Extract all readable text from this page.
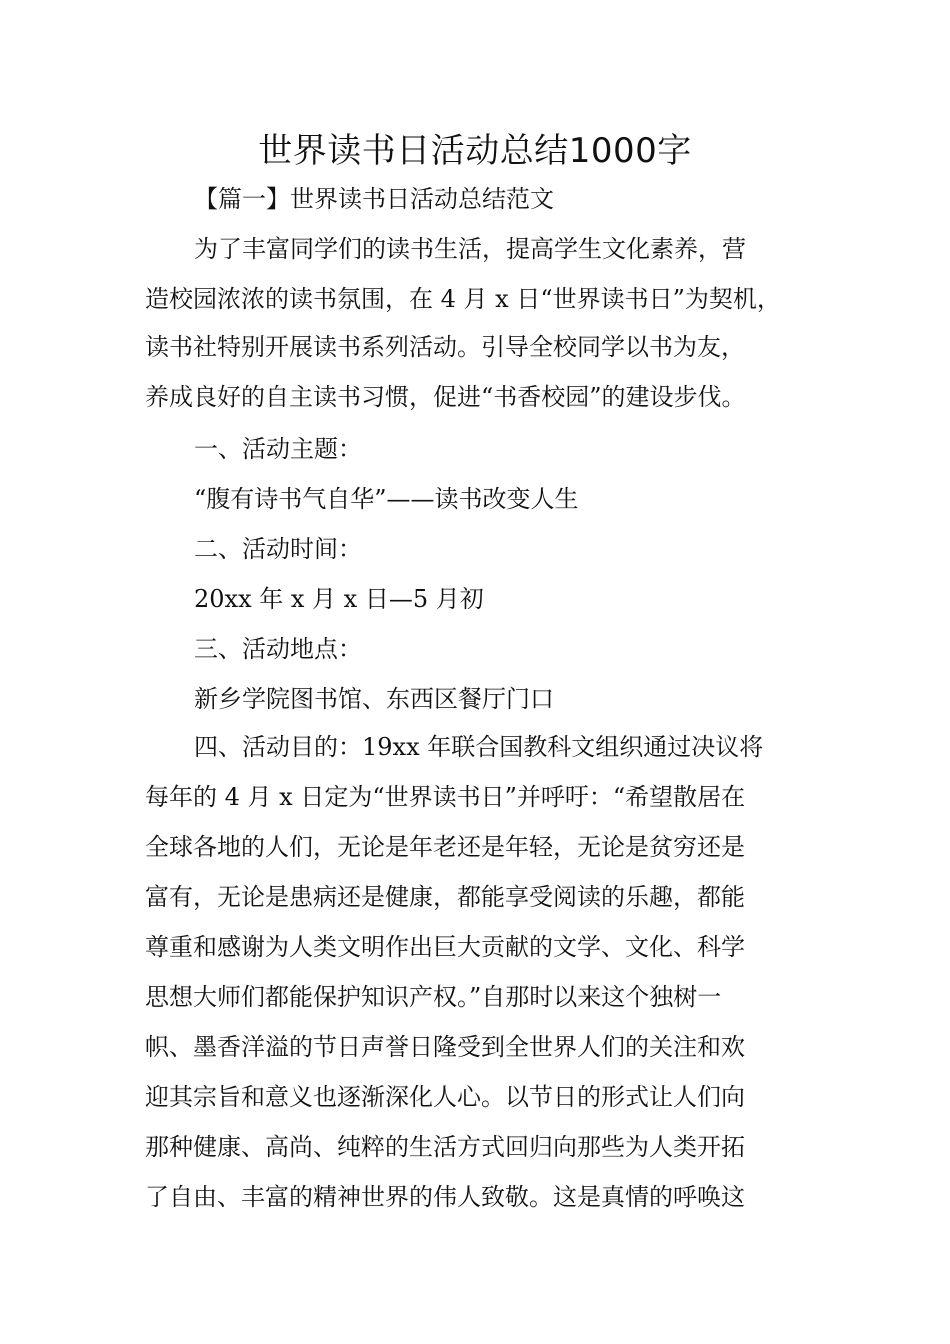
世界读书日活动总结1000字

【篇一】世界读书日活动总结范文

为了丰富同学们的读书生活，提高学生文化素养，营

造校园浓浓的读书氛围，在 4 月 x 日“世界读书日”为契机，

读书社特别开展读书系列活动。引导全校同学以书为友，

养成良好的自主读书习惯，促进“书香校园”的建设步伐。

一、活动主题：

“腹有诗书气自华”——读书改变人生

二、活动时间：

20xx 年 x 月 x 日—5 月初

三、活动地点：

新乡学院图书馆、东西区餐厅门口

四、活动目的：19xx 年联合国教科文组织通过决议将

每年的 4 月 x 日定为“世界读书日”并呼吁：“希望散居在

全球各地的人们，无论是年老还是年轻，无论是贫穷还是

富有，无论是患病还是健康，都能享受阅读的乐趣，都能

尊重和感谢为人类文明作出巨大贡献的文学、文化、科学

思想大师们都能保护知识产权。”自那时以来这个独树一

帜、墨香洋溢的节日声誉日隆受到全世界人们的关注和欢

迎其宗旨和意义也逐渐深化人心。以节日的形式让人们向

那种健康、高尚、纯粹的生活方式回归向那些为人类开拓

了自由、丰富的精神世界的伟人致敬。这是真情的呼唤这
